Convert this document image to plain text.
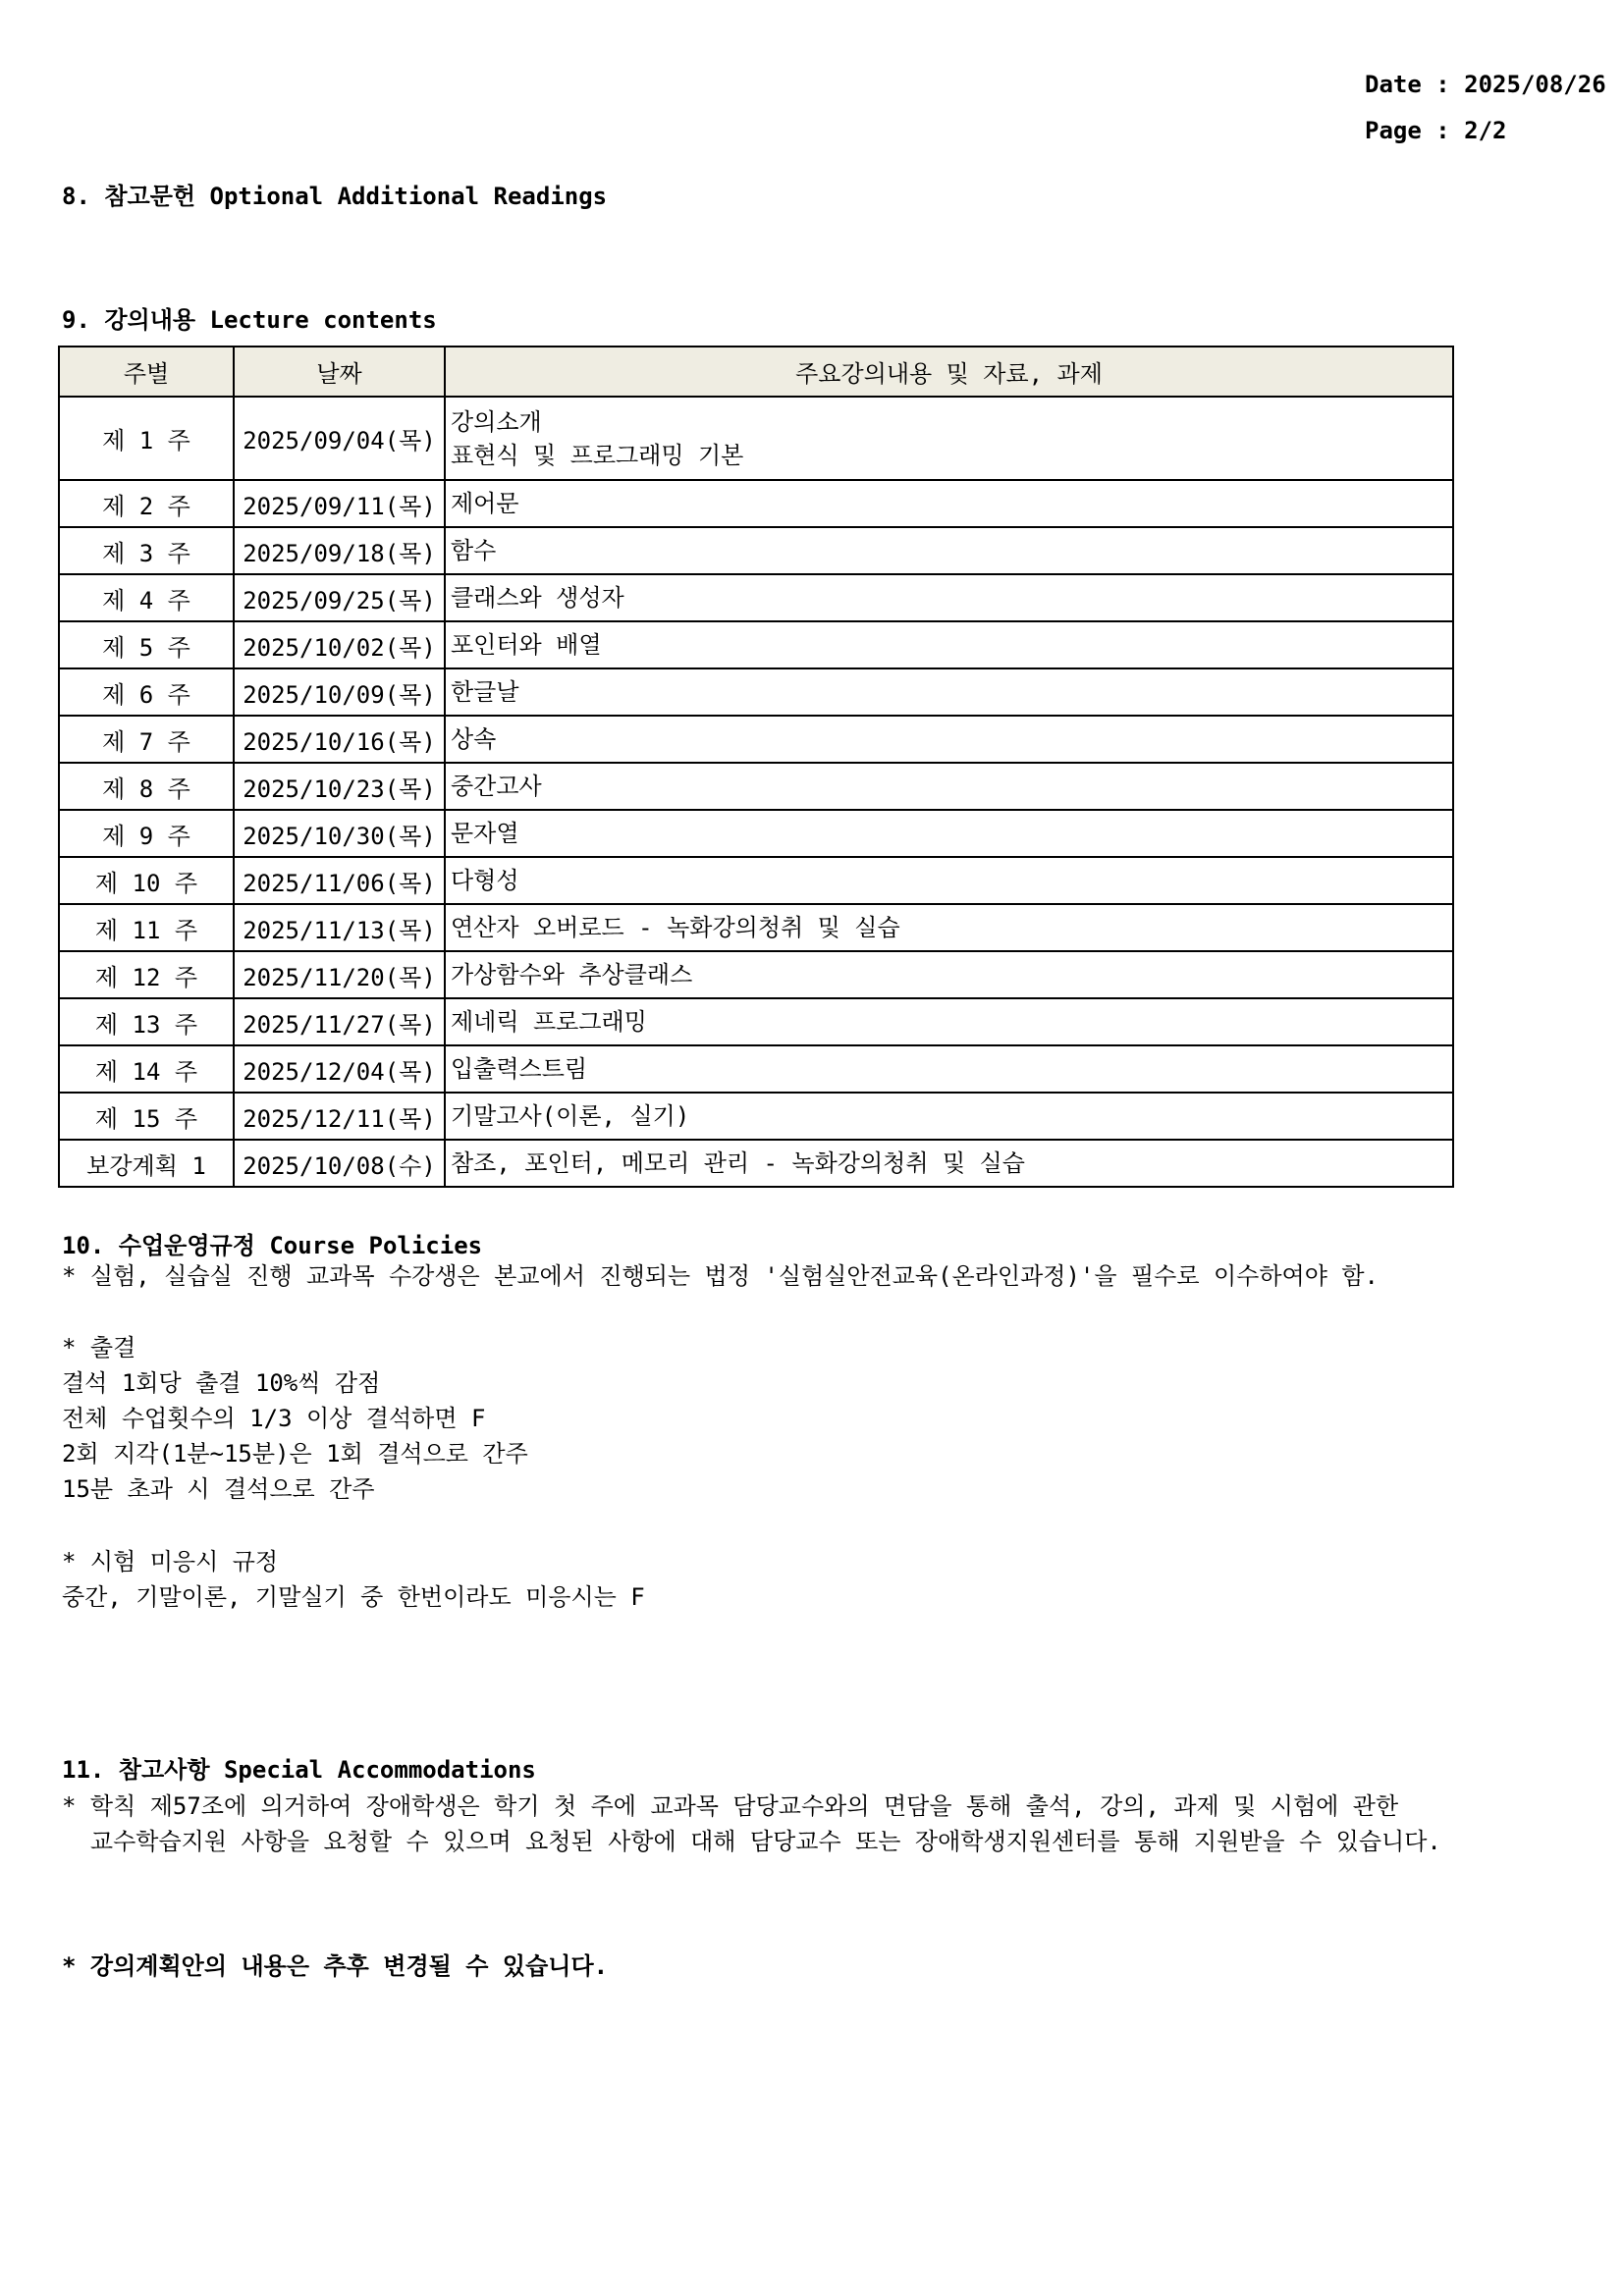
Date : 2025/08/26
Page : 2/2
8. 참고문헌 Optional Additional Readings
9. 강의내용 Lecture contents
주별	날짜	주요강의내용 및 자료, 과제
제 1 주	2025/09/04(목)	강의소개
표현식 및 프로그래밍 기본
제 2 주	2025/09/11(목)	제어문
제 3 주	2025/09/18(목)	함수
제 4 주	2025/09/25(목)	클래스와 생성자
제 5 주	2025/10/02(목)	포인터와 배열
제 6 주	2025/10/09(목)	한글날
제 7 주	2025/10/16(목)	상속
제 8 주	2025/10/23(목)	중간고사
제 9 주	2025/10/30(목)	문자열
제 10 주	2025/11/06(목)	다형성
제 11 주	2025/11/13(목)	연산자 오버로드 - 녹화강의청취 및 실습
제 12 주	2025/11/20(목)	가상함수와 추상클래스
제 13 주	2025/11/27(목)	제네릭 프로그래밍
제 14 주	2025/12/04(목)	입출력스트림
제 15 주	2025/12/11(목)	기말고사(이론, 실기)
보강계획 1	2025/10/08(수)	참조, 포인터, 메모리 관리 - 녹화강의청취 및 실습
10. 수업운영규정 Course Policies
* 실험, 실습실 진행 교과목 수강생은 본교에서 진행되는 법정 '실험실안전교육(온라인과정)'을 필수로 이수하여야 함.
* 출결
결석 1회당 출결 10%씩 감점
전체 수업횟수의 1/3 이상 결석하면 F
2회 지각(1분~15분)은 1회 결석으로 간주
15분 초과 시 결석으로 간주
* 시험 미응시 규정
중간, 기말이론, 기말실기 중 한번이라도 미응시는 F
11. 참고사항 Special Accommodations
* 학칙 제57조에 의거하여 장애학생은 학기 첫 주에 교과목 담당교수와의 면담을 통해 출석, 강의, 과제 및 시험에 관한
교수학습지원 사항을 요청할 수 있으며 요청된 사항에 대해 담당교수 또는 장애학생지원센터를 통해 지원받을 수 있습니다.
* 강의계획안의 내용은 추후 변경될 수 있습니다.
